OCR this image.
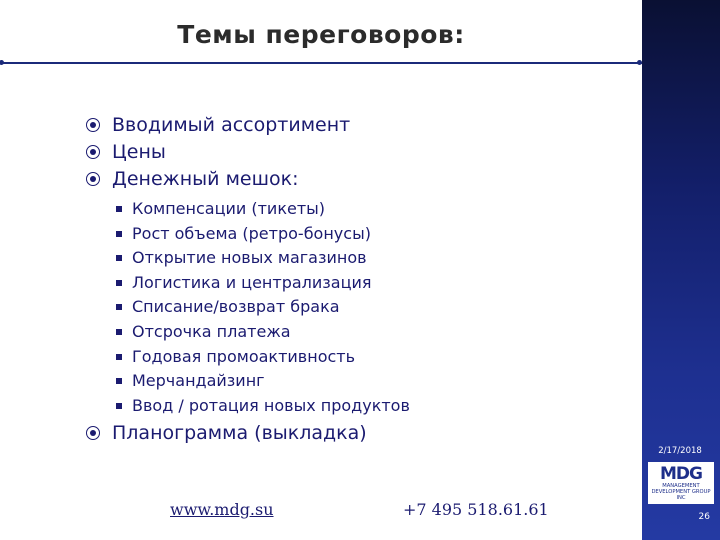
Темы переговоров:
Вводимый ассортимент
Цены
Денежный мешок:
Компенсации (тикеты)
Рост объема (ретро-бонусы)
Открытие новых магазинов
Логистика и централизация
Списание/возврат брака
Отсрочка платежа
Годовая промоактивность
Мерчандайзинг
Ввод / ротация новых продуктов
Планограмма (выкладка)
2/17/2018
MDG
MANAGEMENT DEVELOPMENT GROUP INC
26
www.mdg.su	+7 495 518.61.61
